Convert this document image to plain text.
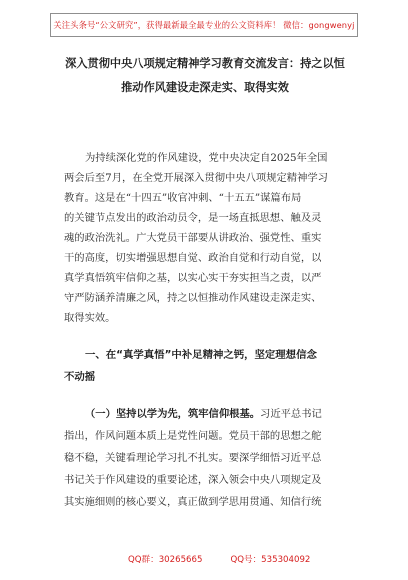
关注头条号“公文研究”，获得最新最全最专业的公文资料库！ 微信：gongwenyj
深入贯彻中央八项规定精神学习教育交流发言：持之以恒
推动作风建设走深走实、取得实效
为持续深化党的作风建设，党中央决定自2025年全国
两会后至7月，在全党开展深入贯彻中央八项规定精神学习
教育。这是在“十四五”收官冲刺、“十五五”谋篇布局
的关键节点发出的政治动员令，是一场直抵思想、触及灵
魂的政治洗礼。广大党员干部要从讲政治、强党性、重实
干的高度，切实增强思想自觉、政治自觉和行动自觉，以
真学真悟筑牢信仰之基，以实心实干夯实担当之责，以严
守严防涵养清廉之风，持之以恒推动作风建设走深走实、
取得实效。
一、在“真学真悟”中补足精神之钙，坚定理想信念
不动摇
（一）坚持以学为先，筑牢信仰根基。习近平总书记
指出，作风问题本质上是党性问题。党员干部的思想之舵
稳不稳，关键看理论学习扎不扎实。要深学细悟习近平总
书记关于作风建设的重要论述，深入领会中央八项规定及
其实施细则的核心要义，真正做到学思用贯通、知信行统
QQ群：30265665	QQ号：535304092
